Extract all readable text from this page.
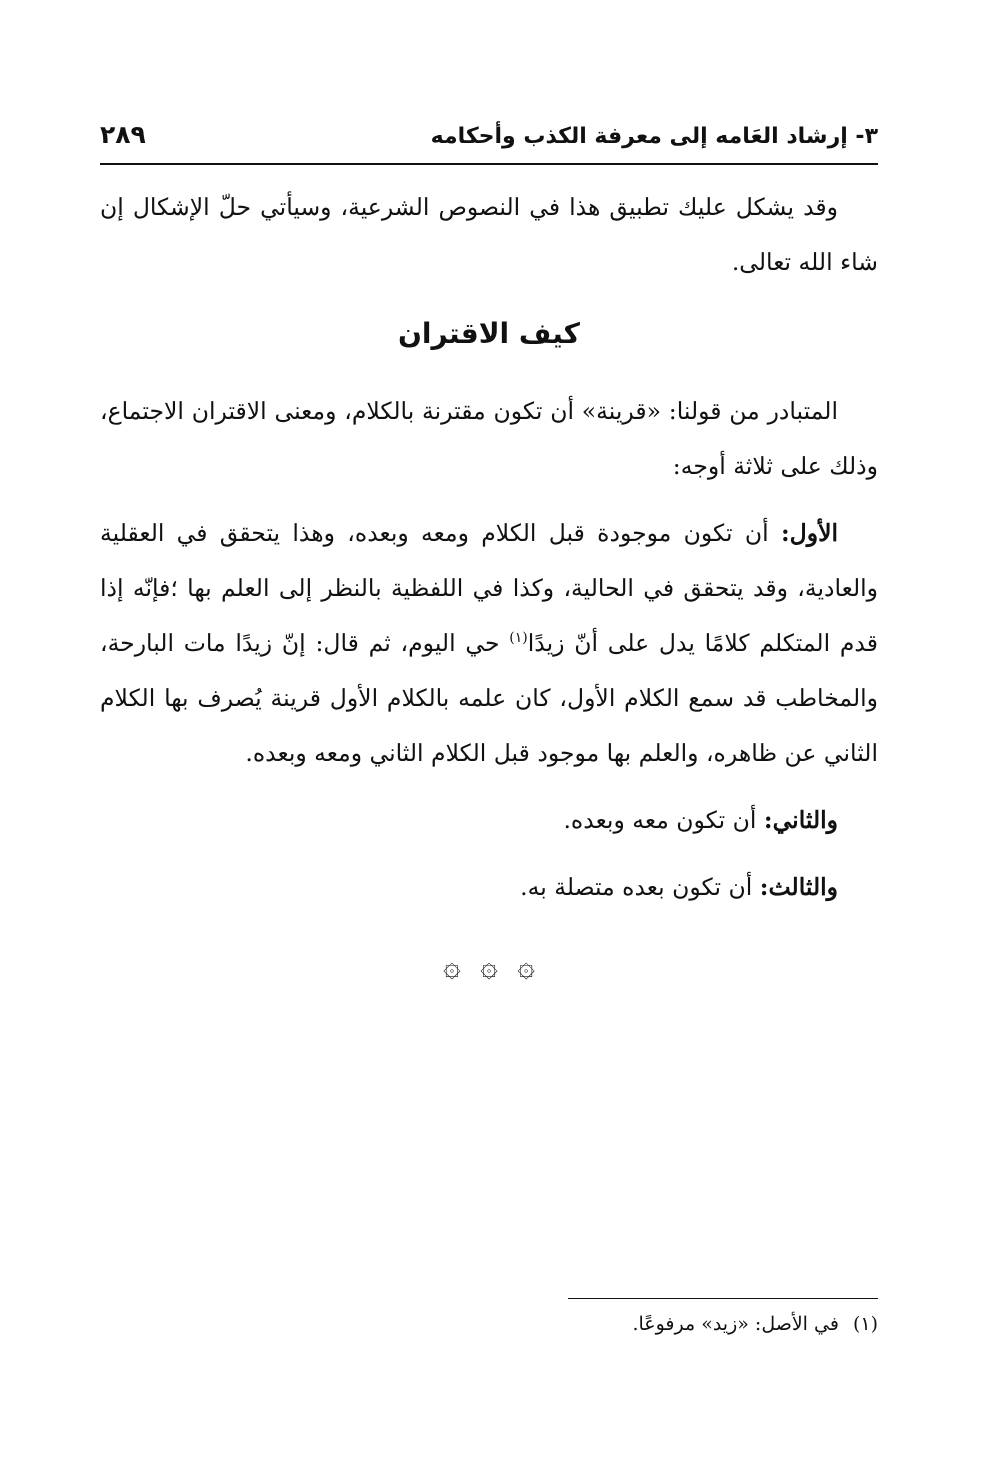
٣- إرشاد العَامه إلى معرفة الكذب وأحكامه
٢٨٩

وقد يشكل عليك تطبيق هذا في النصوص الشرعية، وسيأتي حلّ الإشكال إن شاء الله تعالى.

كيف الاقتران

المتبادر من قولنا: «قرينة» أن تكون مقترنة بالكلام، ومعنى الاقتران الاجتماع، وذلك على ثلاثة أوجه:

الأول: أن تكون موجودة قبل الكلام ومعه وبعده، وهذا يتحقق في العقلية والعادية، وقد يتحقق في الحالية، وكذا في اللفظية بالنظر إلى العلم بها ؛فإنّه إذا قدم المتكلم كلامًا يدل على أنّ زيدًا$^{(١)}$ حي اليوم، ثم قال: إنّ زيدًا مات البارحة، والمخاطب قد سمع الكلام الأول، كان علمه بالكلام الأول قرينة يُصرف بها الكلام الثاني عن ظاهره، والعلم بها موجود قبل الكلام الثاني ومعه وبعده.

والثاني: أن تكون معه وبعده.

والثالث: أن تكون بعده متصلة به.

۞ ۞ ۞
(١)في الأصل: «زيد» مرفوعًا.
